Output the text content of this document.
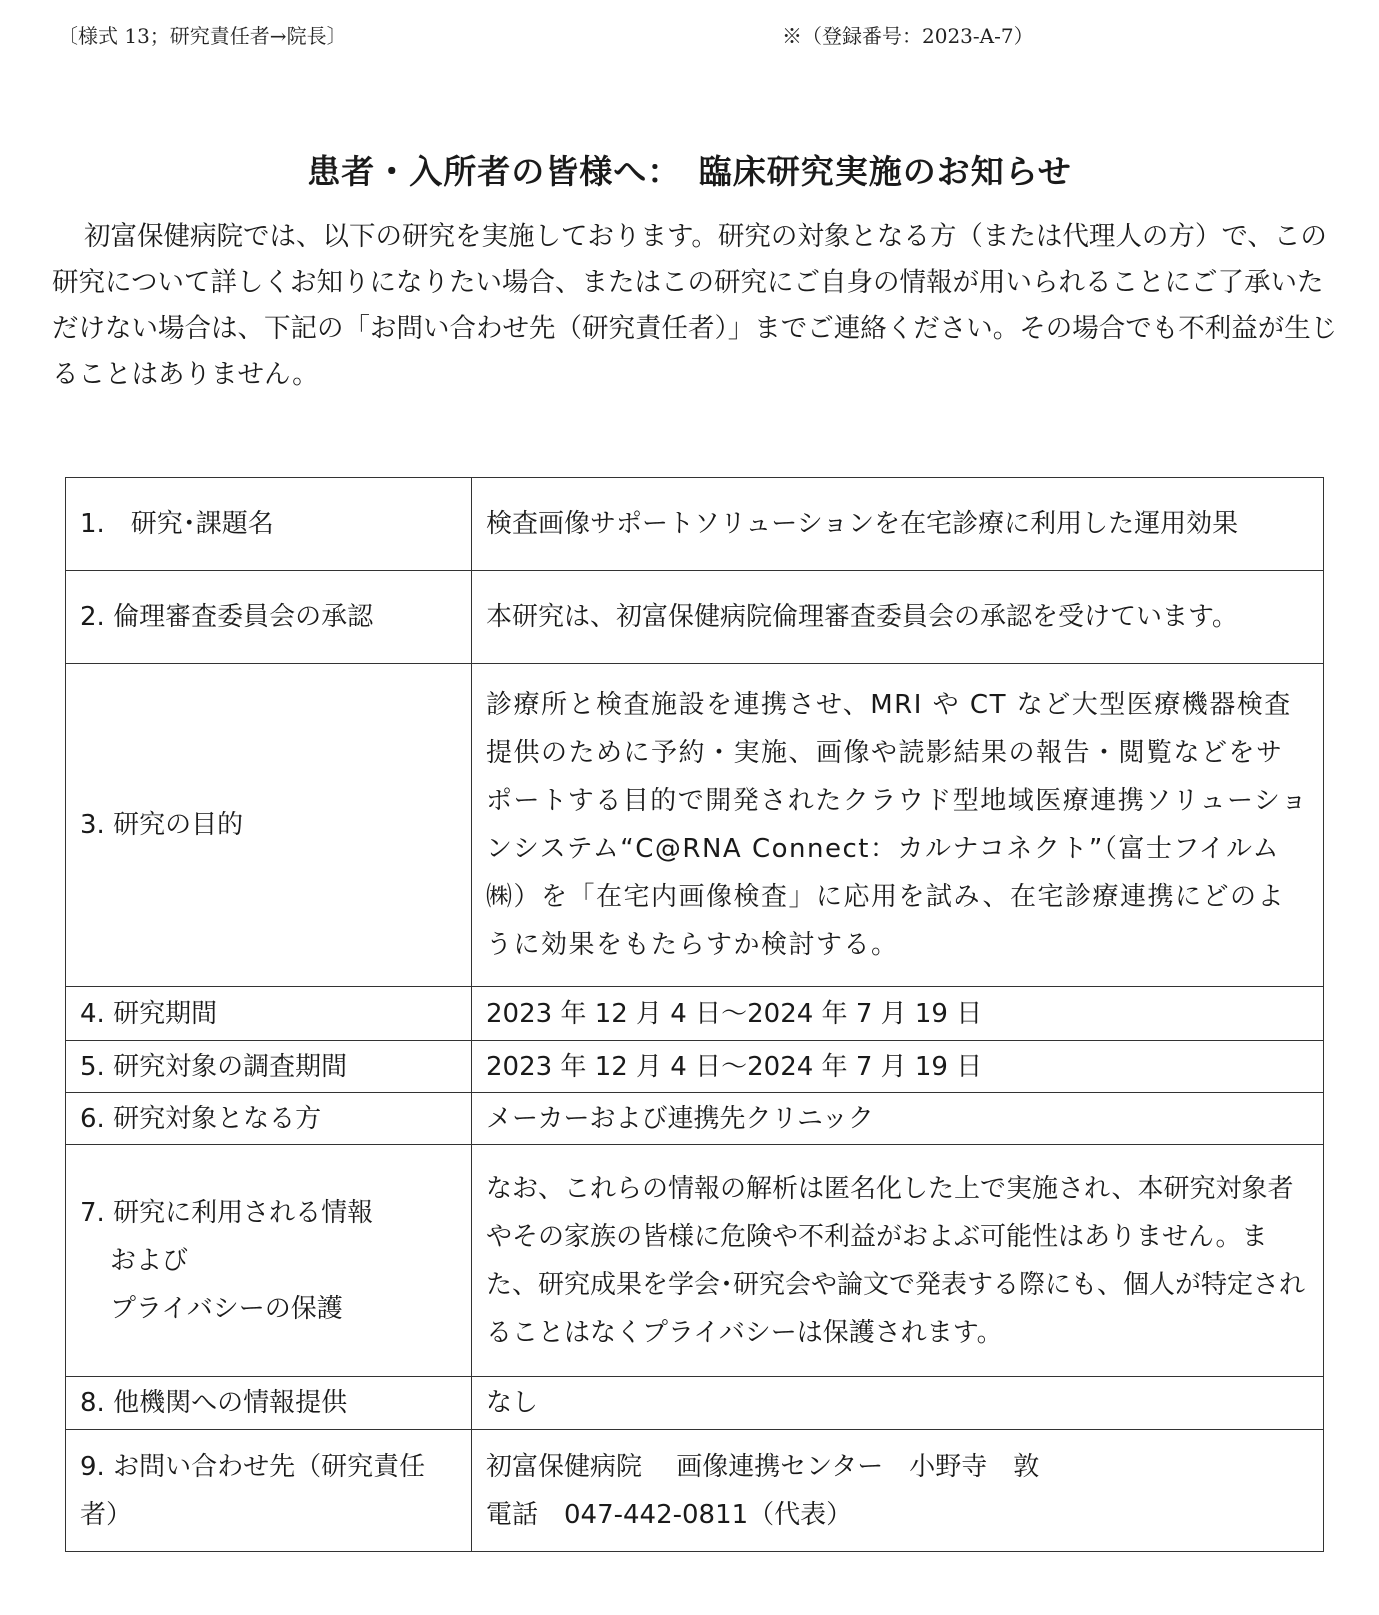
〔様式 13；研究責任者→院長〕	※（登録番号：2023-A-7）
患者・入所者の皆様へ：　臨床研究実施のお知らせ
初富保健病院では、以下の研究を実施しております。研究の対象となる方（または代理人の方）で、この研究について詳しくお知りになりたい場合、またはこの研究にご自身の情報が用いられることにご了承いただけない場合は、下記の「お問い合わせ先（研究責任者）」までご連絡ください。その場合でも不利益が生じることはありません。
1.　研究･課題名	検査画像サポートソリューションを在宅診療に利用した運用効果
2. 倫理審査委員会の承認	本研究は、初富保健病院倫理審査委員会の承認を受けています。
3. 研究の目的	診療所と検査施設を連携させ、MRI や CT など大型医療機器検査提供のために予約・実施、画像や読影結果の報告・閲覧などをサポートする目的で開発されたクラウド型地域医療連携ソリューションシステム“C@RNA Connect：カルナコネクト”（富士フイルム㈱）を「在宅内画像検査」に応用を試み、在宅診療連携にどのように効果をもたらすか検討する。
4. 研究期間	2023 年 12 月 4 日～2024 年 7 月 19 日
5. 研究対象の調査期間	2023 年 12 月 4 日～2024 年 7 月 19 日
6. 研究対象となる方	メーカーおよび連携先クリニック
7. 研究に利用される情報
および
プライバシーの保護	なお、これらの情報の解析は匿名化した上で実施され、本研究対象者やその家族の皆様に危険や不利益がおよぶ可能性はありません。また、研究成果を学会･研究会や論文で発表する際にも、個人が特定されることはなくプライバシーは保護されます。
8. 他機関への情報提供	なし
9. お問い合わせ先（研究責任者）	初富保健病院　 画像連携センター　小野寺　敦
電話　047-442-0811（代表）
